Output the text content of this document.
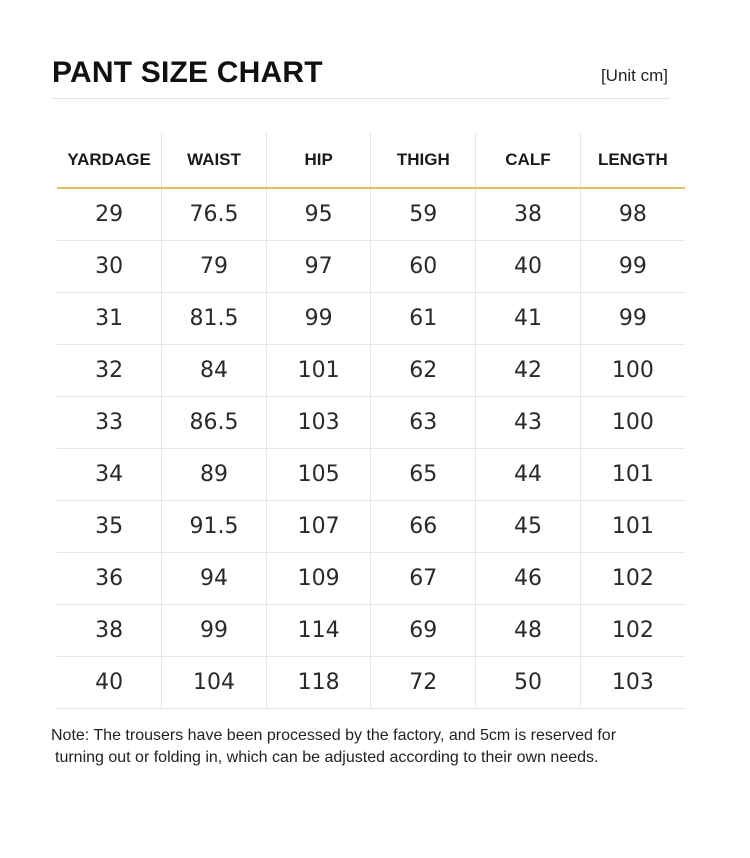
PANT SIZE CHART	[Unit cm]
YARDAGE	WAIST	HIP	THIGH	CALF	LENGTH
29	76.5	95	59	38	98
30	79	97	60	40	99
31	81.5	99	61	41	99
32	84	101	62	42	100
33	86.5	103	63	43	100
34	89	105	65	44	101
35	91.5	107	66	45	101
36	94	109	67	46	102
38	99	114	69	48	102
40	104	118	72	50	103
Note: The trousers have been processed by the factory, and 5cm is reserved for
turning out or folding in, which can be adjusted according to their own needs.
